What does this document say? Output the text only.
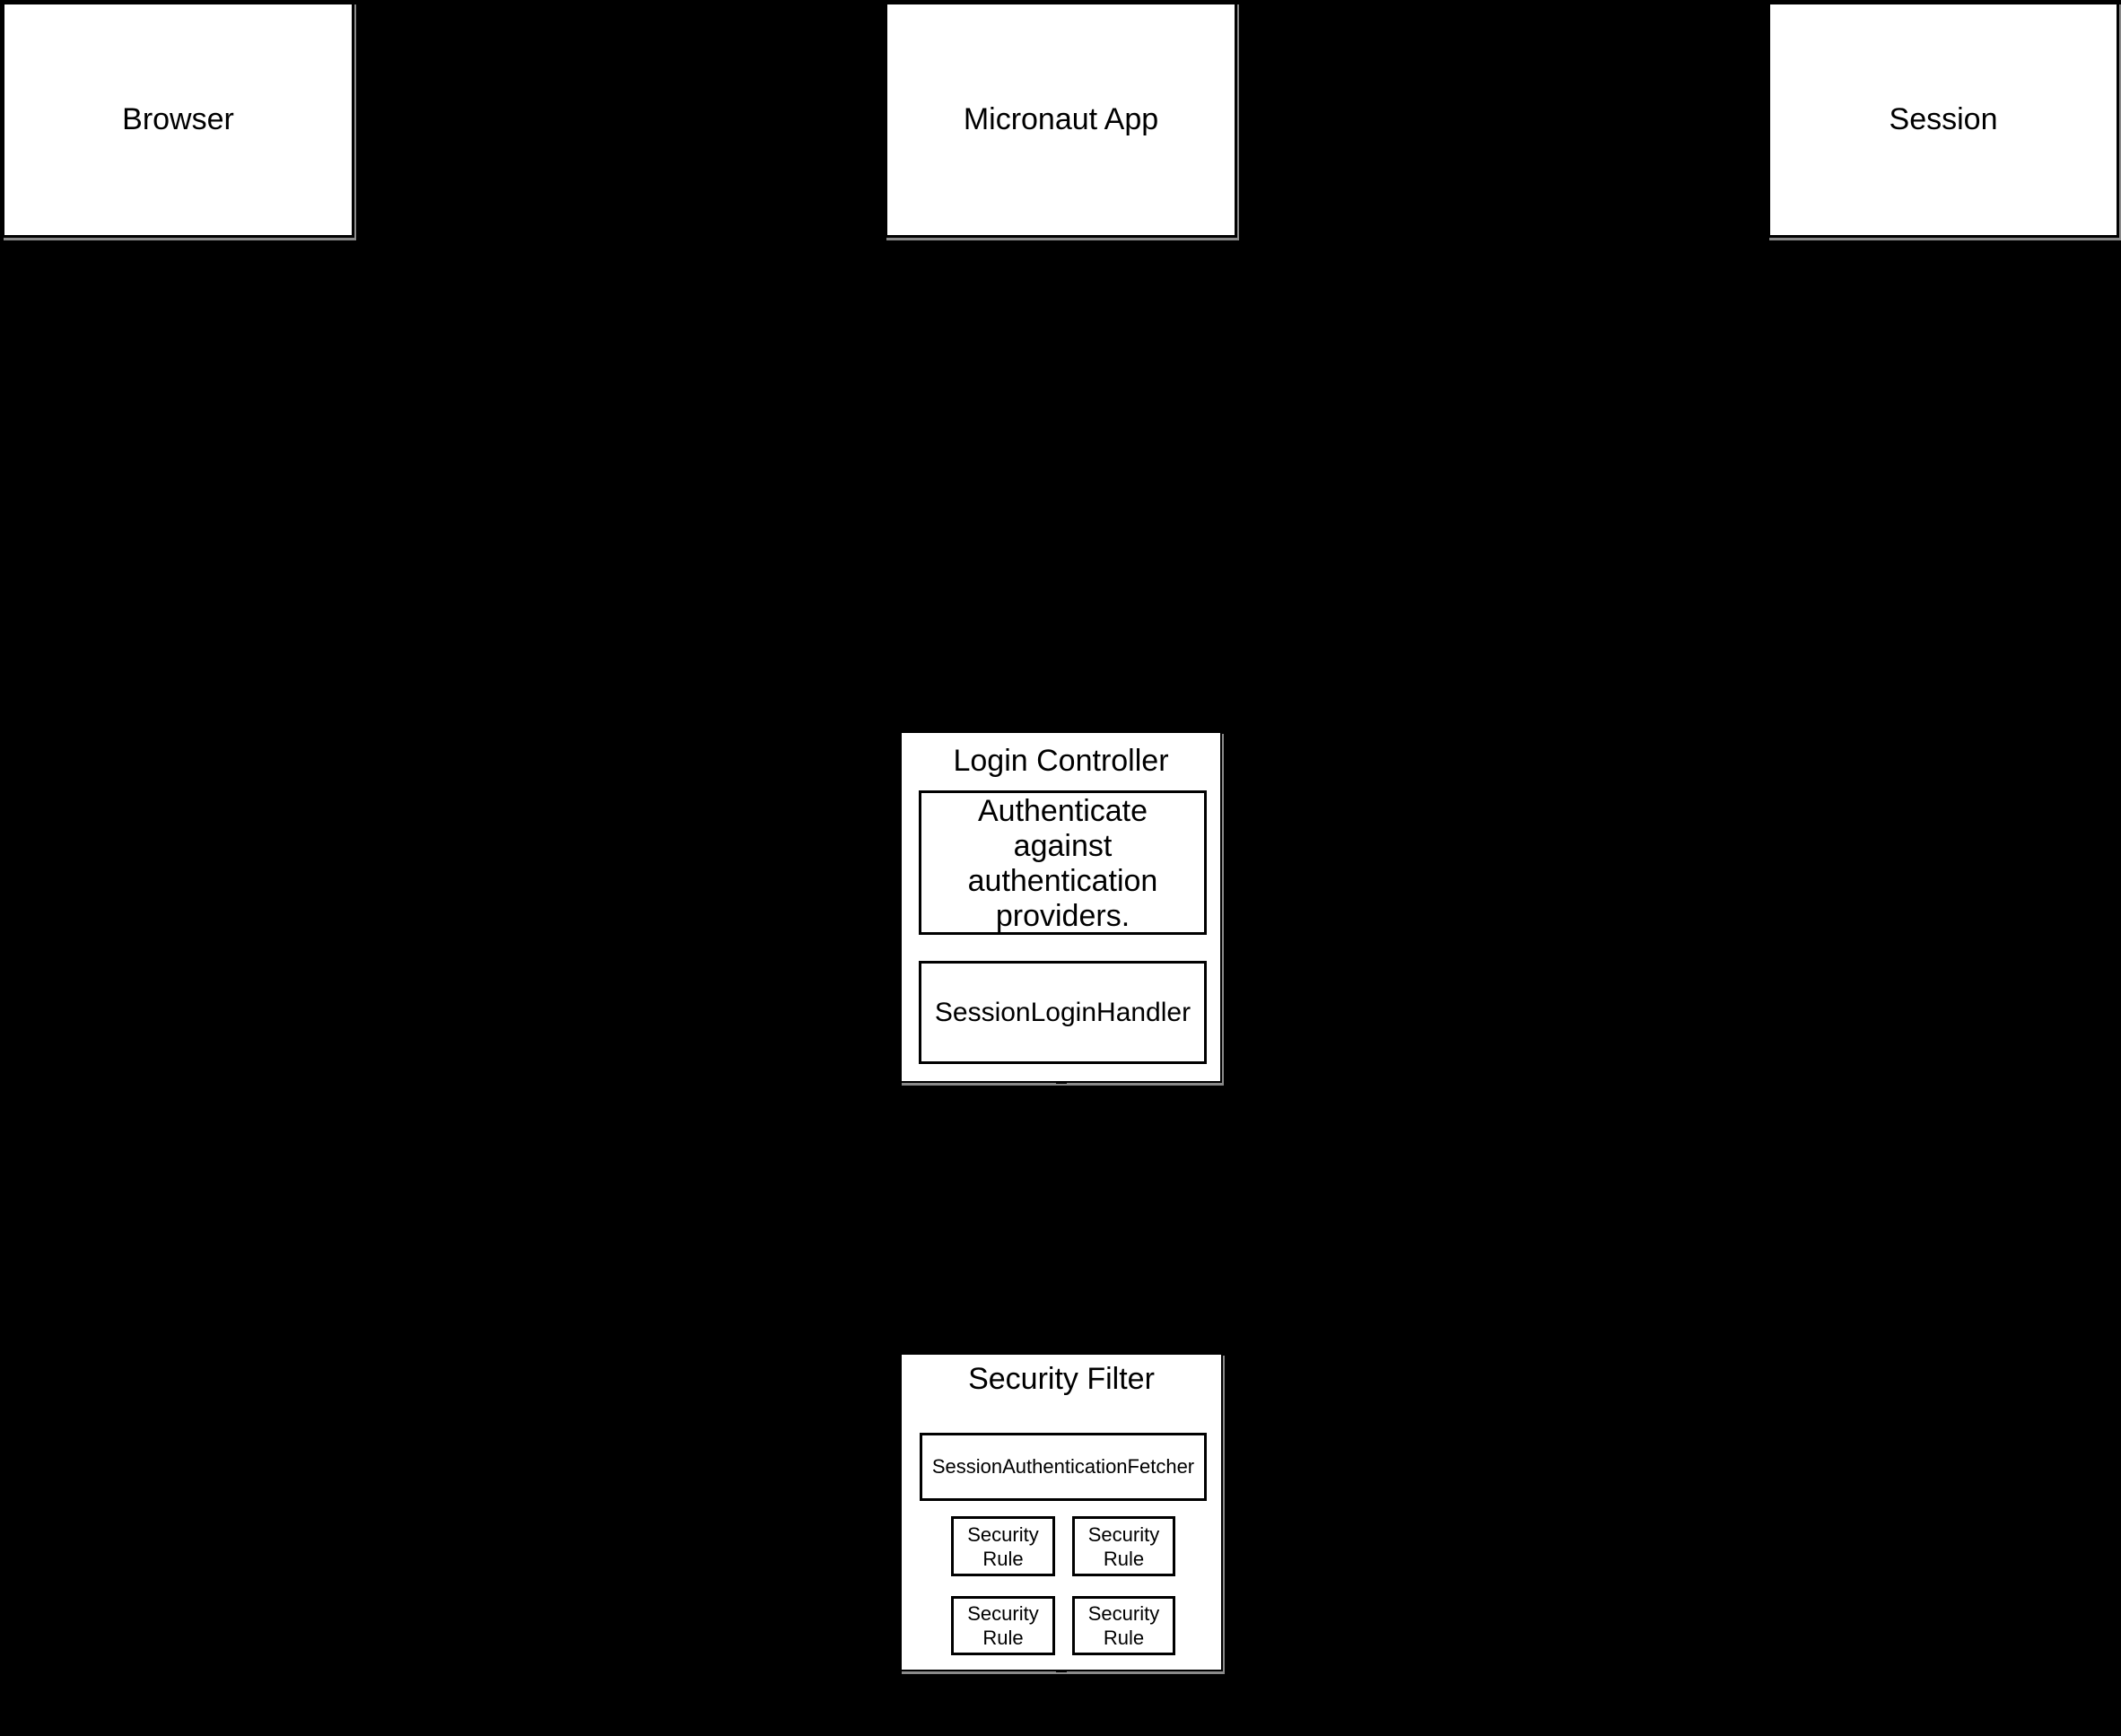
Browser	Micronaut App	Session
Login Controller
Authenticate against authentication providers.
SessionLoginHandler
Security Filter
SessionAuthenticationFetcher
Security Rule
Security Rule
Security Rule
Security Rule
